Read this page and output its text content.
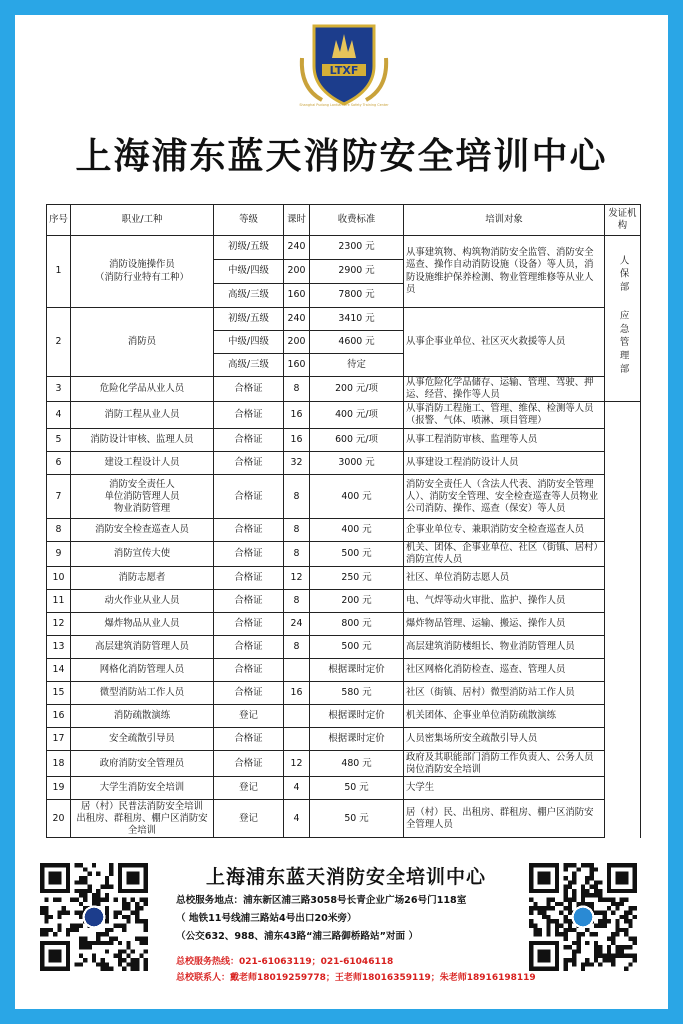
LTXF
Shanghai Pudong Lantian Fire Safety Training Center
上海浦东蓝天消防安全培训中心
序号	职业/工种	等级	课时	收费标准	培训对象	发证机构	
1	消防设施操作员
（消防行业特有工种）	初级/五级	240	2300 元	从事建筑物、构筑物消防安全监管、消防安全巡查、操作自动消防设施（设备）等人员，消防设施维护保养检测、物业管理维修等从业人员	人保部 应急管理部	
		中级/四级	200	2900 元			
		高级/三级	160	7800 元			
2	消防员	初级/五级	240	3410 元	从事企事业单位、社区灭火救援等人员		
		中级/四级	200	4600 元			
		高级/三级	160	待定			
3	危险化学品从业人员	合格证	8	200 元/项	从事危险化学品储存、运输、管理、驾驶、押运、经营、操作等人员	
4	消防工程从业人员	合格证	16	400 元/项	从事消防工程施工、管理、维保、检测等人员（报警、气体、喷淋、项目管理）		
5	消防设计审核、监理人员	合格证	16	600 元/项	从事工程消防审核、监理等人员		
6	建设工程设计人员	合格证	32	3000 元	从事建设工程消防设计人员		
7	消防安全责任人
单位消防管理人员
物业消防管理	合格证	8	400 元	消防安全责任人（含法人代表、消防安全管理人）、消防安全管理、安全检查巡查等人员物业公司消防、操作、巡查（保安）等人员		
8	消防安全检查巡查人员	合格证	8	400 元	企事业单位专、兼职消防安全检查巡查人员		
9	消防宣传大使	合格证	8	500 元	机关、团体、企事业单位、社区（街镇、居村）消防宣传人员		
10	消防志愿者	合格证	12	250 元	社区、单位消防志愿人员		
11	动火作业从业人员	合格证	8	200 元	电、气焊等动火审批、监护、操作人员		
12	爆炸物品从业人员	合格证	24	800 元	爆炸物品管理、运输、搬运、操作人员		
13	高层建筑消防管理人员	合格证	8	500 元	高层建筑消防楼组长、物业消防管理人员		
14	网格化消防管理人员	合格证		根据课时定价	社区网格化消防检查、巡查、管理人员		
15	微型消防站工作人员	合格证	16	580 元	社区（街镇、居村）微型消防站工作人员		
16	消防疏散演练	登记		根据课时定价	机关团体、企事业单位消防疏散演练		
17	安全疏散引导员	合格证		根据课时定价	人员密集场所安全疏散引导人员		
18	政府消防安全管理员	合格证	12	480 元	政府及其职能部门消防工作负责人、公务人员岗位消防安全培训		
19	大学生消防安全培训	登记	4	50 元	大学生		
20	居（村）民普法消防安全培训
出租房、群租房、棚户区消防安全培训	登记	4	50 元	居（村）民、出租房、群租房、棚户区消防安全管理人员		
上海浦东蓝天消防安全培训中心
总校服务地点：浦东新区浦三路3058号长青企业广场26号门118室
（ 地铁11号线浦三路站4号出口20米旁）
（公交632、988、浦东43路“浦三路御桥路站”对面 ）
总校服务热线：021-61063119；021-61046118
总校联系人：戴老师18019259778；王老师18016359119；朱老师18916198119
